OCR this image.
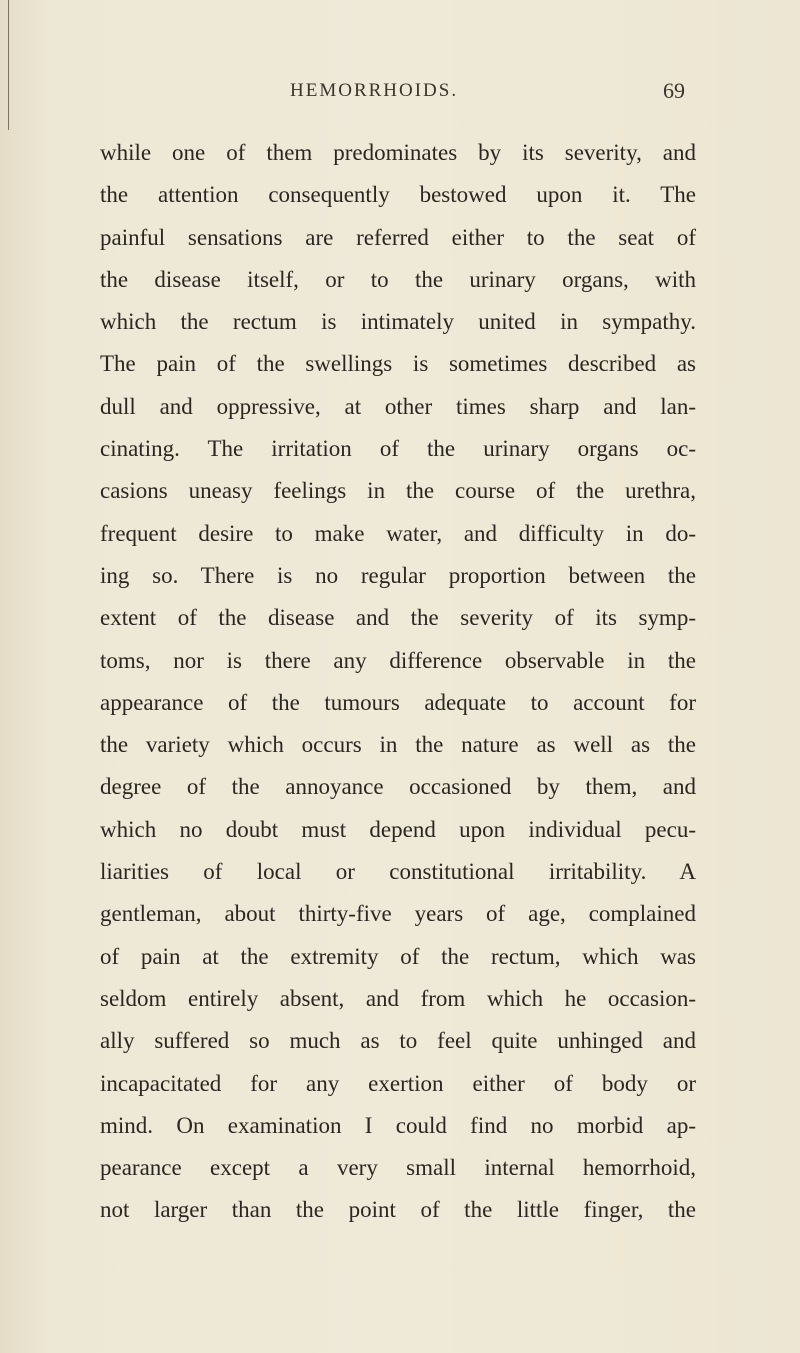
HEMORRHOIDS.	69
while one of them predominates by its severity, and
the attention consequently bestowed upon it. The
painful sensations are referred either to the seat of
the disease itself, or to the urinary organs, with
which the rectum is intimately united in sympathy.
The pain of the swellings is sometimes described as
dull and oppressive, at other times sharp and lan-
cinating. The irritation of the urinary organs oc-
casions uneasy feelings in the course of the urethra,
frequent desire to make water, and difficulty in do-
ing so. There is no regular proportion between the
extent of the disease and the severity of its symp-
toms, nor is there any difference observable in the
appearance of the tumours adequate to account for
the variety which occurs in the nature as well as the
degree of the annoyance occasioned by them, and
which no doubt must depend upon individual pecu-
liarities of local or constitutional irritability. A
gentleman, about thirty-five years of age, complained
of pain at the extremity of the rectum, which was
seldom entirely absent, and from which he occasion-
ally suffered so much as to feel quite unhinged and
incapacitated for any exertion either of body or
mind. On examination I could find no morbid ap-
pearance except a very small internal hemorrhoid,
not larger than the point of the little finger, the
